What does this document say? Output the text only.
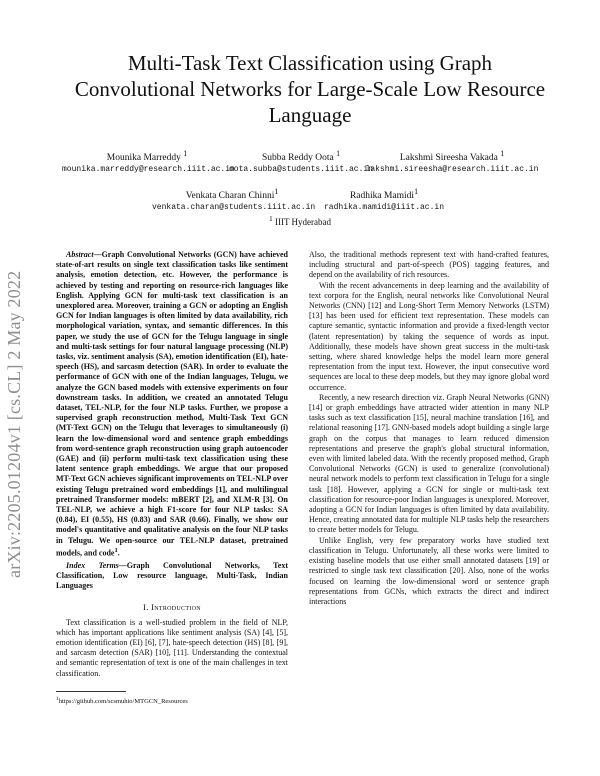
arXiv:2205.01204v1 [cs.CL] 2 May 2022
Multi-Task Text Classification using Graph Convolutional Networks for Large-Scale Low Resource Language
Mounika Marreddy $^1$
mounika.marreddy@research.iiit.ac.in
Subba Reddy Oota $^1$
oota.subba@students.iiit.ac.in
Lakshmi Sireesha Vakada $^1$
lakshmi.sireesha@research.iiit.ac.in
Venkata Charan Chinni$^1$
venkata.charan@students.iiit.ac.in
Radhika Mamidi$^1$
radhika.mamidi@iiit.ac.in
$^1$ IIIT Hyderabad

Abstract—Graph Convolutional Networks (GCN) have achieved state-of-art results on single text classification tasks like sentiment analysis, emotion detection, etc. However, the performance is achieved by testing and reporting on resource-rich languages like English. Applying GCN for multi-task text classification is an unexplored area. Moreover, training a GCN or adopting an English GCN for Indian languages is often limited by data availability, rich morphological variation, syntax, and semantic differences. In this paper, we study the use of GCN for the Telugu language in single and multi-task settings for four natural language processing (NLP) tasks, viz. sentiment analysis (SA), emotion identification (EI), hate-speech (HS), and sarcasm detection (SAR). In order to evaluate the performance of GCN with one of the Indian languages, Telugu, we analyze the GCN based models with extensive experiments on four downstream tasks. In addition, we created an annotated Telugu dataset, TEL-NLP, for the four NLP tasks. Further, we propose a supervised graph reconstruction method, Multi-Task Text GCN (MT-Text GCN) on the Telugu that leverages to simultaneously (i) learn the low-dimensional word and sentence graph embeddings from word-sentence graph reconstruction using graph autoencoder (GAE) and (ii) perform multi-task text classification using these latent sentence graph embeddings. We argue that our proposed MT-Text GCN achieves significant improvements on TEL-NLP over existing Telugu pretrained word embeddings [1], and multilingual pretrained Transformer models: mBERT [2], and XLM-R [3]. On TEL-NLP, we achieve a high F1-score for four NLP tasks: SA (0.84), EI (0.55), HS (0.83) and SAR (0.66). Finally, we show our model's quantitative and qualitative analysis on the four NLP tasks in Telugu. We open-source our TEL-NLP dataset, pretrained models, and code$^1$.

Index Terms—Graph Convolutional Networks, Text Classification, Low resource language, Multi-Task, Indian Languages

I. Introduction

Text classification is a well-studied problem in the field of NLP, which has important applications like sentiment analysis (SA) [4], [5], emotion identification (EI) [6], [7], hate-speech detection (HS) [8], [9], and sarcasm detection (SAR) [10], [11]. Understanding the contextual and semantic representation of text is one of the main challenges in text classification.

$^1$https://github.com/scsmuhio/MTGCN_Resources

Also, the traditional methods represent text with hand-crafted features, including structural and part-of-speech (POS) tagging features, and depend on the availability of rich resources.

With the recent advancements in deep learning and the availability of text corpora for the English, neural networks like Convolutional Neural Networks (CNN) [12] and Long-Short Term Memory Networks (LSTM) [13] has been used for efficient text representation. These models can capture semantic, syntactic information and provide a fixed-length vector (latent representation) by taking the sequence of words as input. Additionally, these models have shown great success in the multi-task setting, where shared knowledge helps the model learn more general representation from the input text. However, the input consecutive word sequences are local to these deep models, but they may ignore global word occurrence.

Recently, a new research direction viz. Graph Neural Networks (GNN) [14] or graph embeddings have attracted wider attention in many NLP tasks such as text classification [15], neural machine translation [16], and relational reasoning [17]. GNN-based models adopt building a single large graph on the corpus that manages to learn reduced dimension representations and preserve the graph's global structural information, even with limited labeled data. With the recently proposed method, Graph Convolutional Networks (GCN) is used to generalize (convolutional) neural network models to perform text classification in Telugu for a single task [18]. However, applying a GCN for single or multi-task text classification for resource-poor Indian languages is unexplored. Moreover, adopting a GCN for Indian languages is often limited by data availability. Hence, creating annotated data for multiple NLP tasks help the researchers to create better models for Telugu.

Unlike English, very few preparatory works have studied text classification in Telugu. Unfortunately, all these works were limited to existing baseline models that use either small annotated datasets [19] or restricted to single task text classification [20]. Also, none of the works focused on learning the low-dimensional word or sentence graph representations from GCNs, which extracts the direct and indirect interactions
